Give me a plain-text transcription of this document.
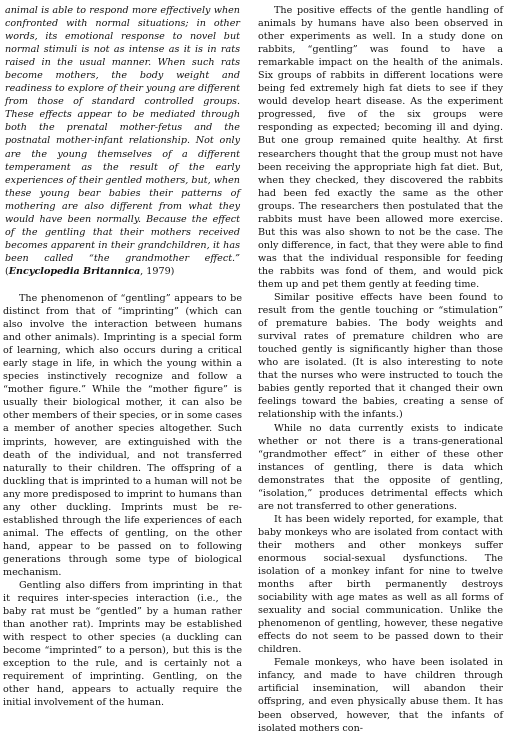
animal is able to respond more effectively when confronted with normal situations; in other words, its emotional response to novel but normal stimuli is not as intense as it is in rats raised in the usual manner. When such rats become mothers, the body weight and readiness to explore of their young are different from those of standard controlled groups. These effects appear to be mediated through both the prenatal mother-fetus and the postnatal mother-infant relationship. Not only are the young themselves of a different temperament as the result of the early experiences of their gentled mothers, but, when these young bear babies their patterns of mothering are also different from what they would have been normally. Because the effect of the gentling that their mothers received becomes apparent in their grandchildren, it has been called “the grandmother effect.” (Encyclopedia Britannica, 1979)

The phenomenon of “gentling” appears to be distinct from that of “imprinting” (which can also involve the interaction between humans and other animals). Imprinting is a special form of learning, which also occurs during a critical early stage in life, in which the young within a species instinctively recognize and follow a “mother figure.” While the “mother figure” is usually their biological mother, it can also be other members of their species, or in some cases a member of another species altogether. Such imprints, however, are extinguished with the death of the individual, and not transferred naturally to their children. The offspring of a duckling that is imprinted to a human will not be any more predisposed to imprint to humans than any other duckling. Imprints must be re-established through the life experiences of each animal. The effects of gentling, on the other hand, appear to be passed on to following generations through some type of biological mechanism.

Gentling also differs from imprinting in that it requires inter-species interaction (i.e., the baby rat must be “gentled” by a human rather than another rat). Imprints may be established with respect to other species (a duckling can become “imprinted” to a person), but this is the exception to the rule, and is certainly not a requirement of imprinting. Gentling, on the other hand, appears to actually require the initial involvement of the human.

The positive effects of the gentle handling of animals by humans have also been observed in other experiments as well. In a study done on rabbits, “gentling” was found to have a remarkable impact on the health of the animals. Six groups of rabbits in different locations were being fed extremely high fat diets to see if they would develop heart disease. As the experiment progressed, five of the six groups were responding as expected; becoming ill and dying. But one group remained quite healthy. At first researchers thought that the group must not have been receiving the appropriate high fat diet. But, when they checked, they discovered the rabbits had been fed exactly the same as the other groups. The researchers then postulated that the rabbits must have been allowed more exercise. But this was also shown to not be the case. The only difference, in fact, that they were able to find was that the individual responsible for feeding the rabbits was fond of them, and would pick them up and pet them gently at feeding time.

Similar positive effects have been found to result from the gentle touching or “stimulation” of premature babies. The body weights and survival rates of premature children who are touched gently is significantly higher than those who are isolated. (It is also interesting to note that the nurses who were instructed to touch the babies gently reported that it changed their own feelings toward the babies, creating a sense of relationship with the infants.)

While no data currently exists to indicate whether or not there is a trans-generational “grandmother effect” in either of these other instances of gentling, there is data which demonstrates that the opposite of gentling, “isolation,” produces detrimental effects which are not transferred to other generations.

It has been widely reported, for example, that baby monkeys who are isolated from contact with their mothers and other monkeys suffer enormous social-sexual dysfunctions. The isolation of a monkey infant for nine to twelve months after birth permanently destroys sociability with age mates as well as all forms of sexuality and social communication. Unlike the phenomenon of gentling, however, these negative effects do not seem to be passed down to their children.

Female monkeys, who have been isolated in infancy, and made to have children through artificial insemination, will abandon their offspring, and even physically abuse them. It has been observed, however, that the infants of isolated mothers con-
